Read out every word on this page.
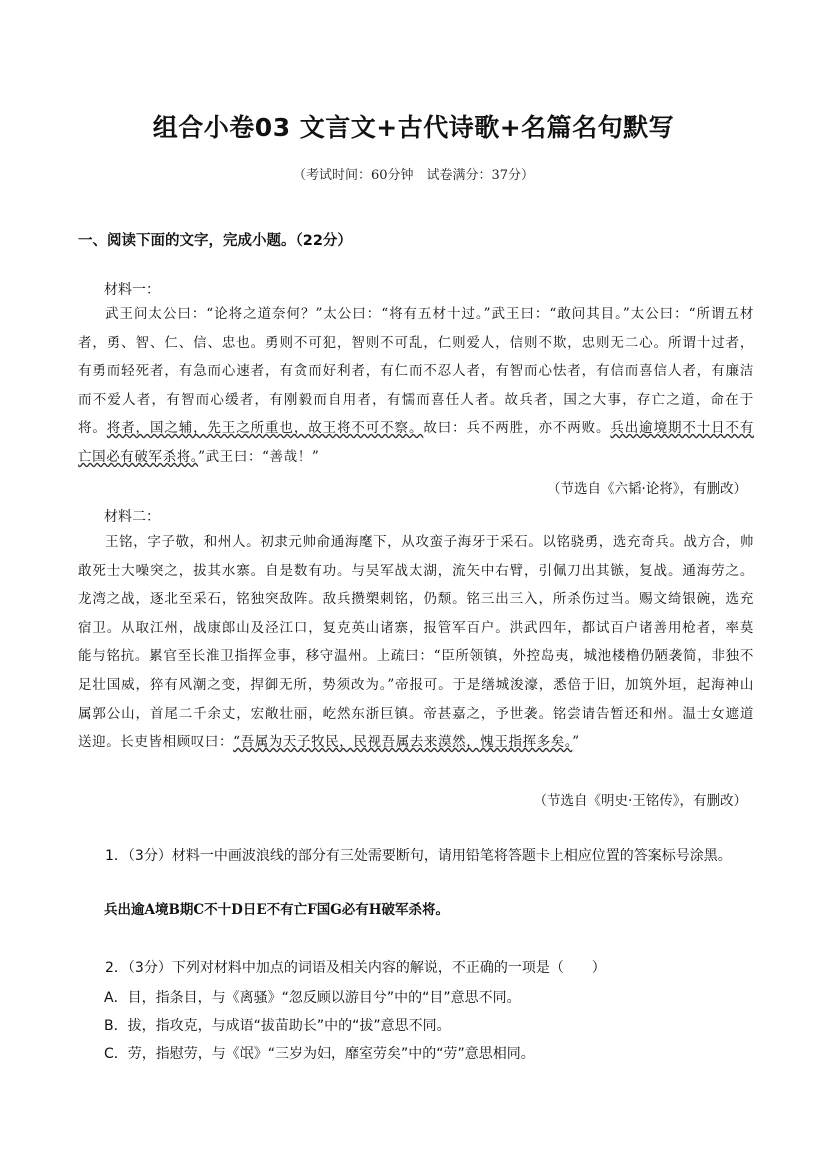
组合小卷03 文言文+古代诗歌+名篇名句默写
（考试时间：60分钟　试卷满分：37分）
一、阅读下面的文字，完成小题。（22分）
材料一：

武王问太公曰：“论将之道奈何？”太公曰：“将有五材十过。”武王曰：“敢问其目。”太公曰：“所谓五材者，勇、智、仁、信、忠也。勇则不可犯，智则不可乱，仁则爱人，信则不欺，忠则无二心。所谓十过者，有勇而轻死者，有急而心速者，有贪而好利者，有仁而不忍人者，有智而心怯者，有信而喜信人者，有廉洁而不爱人者，有智而心缓者，有刚毅而自用者，有懦而喜任人者。故兵者，国之大事，存亡之道，命在于将。将者，国之辅，先王之所重也，故王将不可不察。故曰：兵不两胜，亦不两败。兵出逾境期不十日不有亡国必有破军杀将。”武王曰：“善哉！”

（节选自《六韬·论将》，有删改）
材料二：

王铭，字子敬，和州人。初隶元帅俞通海麾下，从攻蛮子海牙于采石。以铭骁勇，选充奇兵。战方合，帅敢死士大噪突之，拔其水寨。自是数有功。与吴军战太湖，流矢中右臂，引佩刀出其镞，复战。通海劳之。龙湾之战，逐北至采石，铭独突敌阵。敌兵攒槊刺铭，仍颓。铭三出三入，所杀伤过当。赐文绮银碗，选充宿卫。从取江州，战康郎山及泾江口，复克英山诸寨，报管军百户。洪武四年，都试百户诸善用枪者，率莫能与铭抗。累官至长淮卫指挥佥事，移守温州。上疏曰：“臣所领镇，外控岛夷，城池楼橹仍陋袭简，非独不足壮国威，猝有风潮之变，捍御无所，势须改为。”帝报可。于是缮城浚濠，悉倍于旧，加筑外垣，起海神山属郭公山，首尾二千余丈，宏敞壮丽，屹然东浙巨镇。帝甚嘉之，予世袭。铭尝请告暂还和州。温士女遮道送迎。长吏皆相顾叹曰：“吾属为天子牧民，民视吾属去来漠然，愧王指挥多矣。”

（节选自《明史·王铭传》，有删改）

1．（3分）材料一中画波浪线的部分有三处需要断句，请用铅笔将答题卡上相应位置的答案标号涂黑。

兵出逾A境B期C不十D日E不有亡F国G必有H破军杀将。

2．（3分）下列对材料中加点的词语及相关内容的解说，不正确的一项是（　　）

A．目，指条目，与《离骚》“忽反顾以游目兮”中的“目”意思不同。
B．拔，指攻克，与成语“拔苗助长”中的“拔”意思不同。
C．劳，指慰劳，与《氓》“三岁为妇，靡室劳矣”中的“劳”意思相同。
